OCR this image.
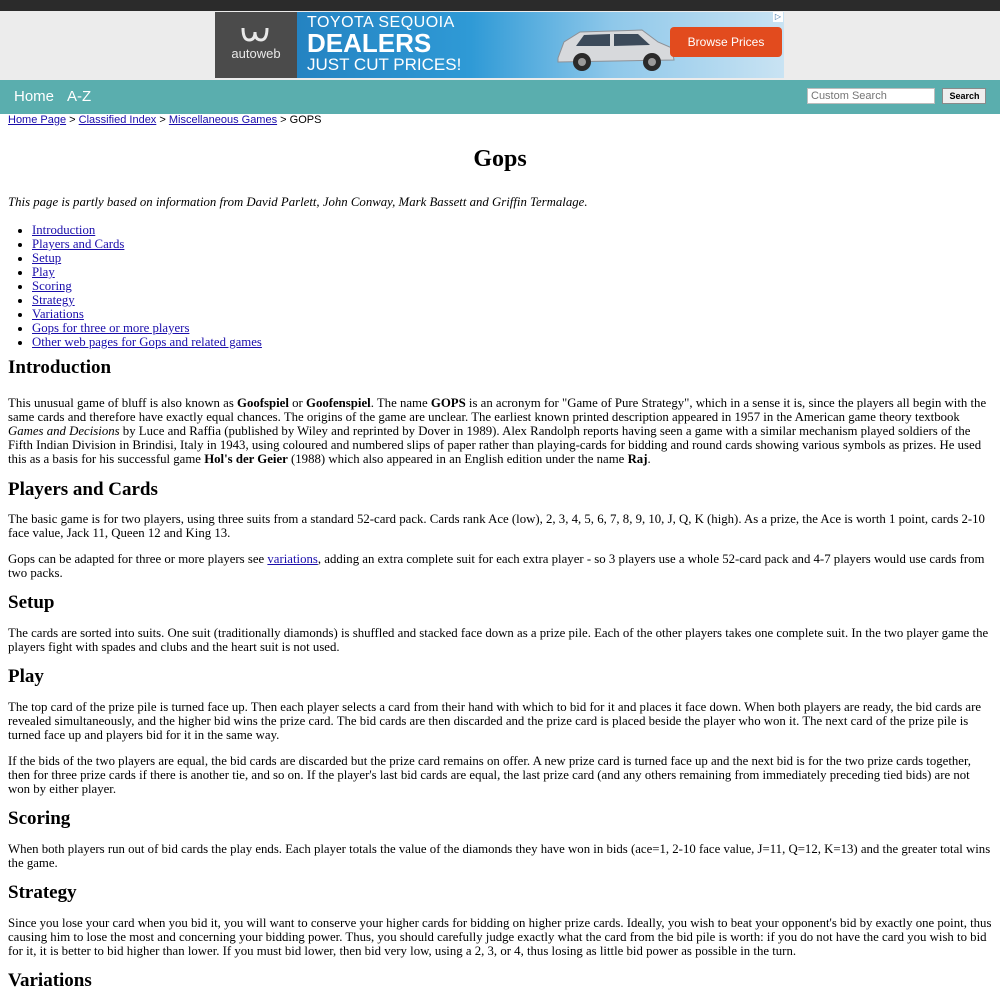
autoweb
TOYOTA SEQUOIA
DEALERS
JUST CUT PRICES!
Browse Prices
▷
Home A-Z
Custom Search	Search
Home Page > Classified Index > Miscellaneous Games > GOPS
Gops

This page is partly based on information from David Parlett, John Conway, Mark Bassett and Griffin Termalage.

• Introduction
• Players and Cards
• Setup
• Play
• Scoring
• Strategy
• Variations
• Gops for three or more players
• Other web pages for Gops and related games
Introduction

This unusual game of bluff is also known as Goofspiel or Goofenspiel. The name GOPS is an acronym for "Game of Pure Strategy", which in a sense it is, since the players all begin with the same cards and therefore have exactly equal chances. The origins of the game are unclear. The earliest known printed description appeared in 1957 in the American game theory textbook Games and Decisions by Luce and Raffia (published by Wiley and reprinted by Dover in 1989). Alex Randolph reports having seen a game with a similar mechanism played soldiers of the Fifth Indian Division in Brindisi, Italy in 1943, using coloured and numbered slips of paper rather than playing-cards for bidding and round cards showing various symbols as prizes. He used this as a basis for his successful game Hol's der Geier (1988) which also appeared in an English edition under the name Raj.

Players and Cards

The basic game is for two players, using three suits from a standard 52-card pack. Cards rank Ace (low), 2, 3, 4, 5, 6, 7, 8, 9, 10, J, Q, K (high). As a prize, the Ace is worth 1 point, cards 2-10 face value, Jack 11, Queen 12 and King 13.

Gops can be adapted for three or more players see variations, adding an extra complete suit for each extra player - so 3 players use a whole 52-card pack and 4-7 players would use cards from two packs.

Setup

The cards are sorted into suits. One suit (traditionally diamonds) is shuffled and stacked face down as a prize pile. Each of the other players takes one complete suit. In the two player game the players fight with spades and clubs and the heart suit is not used.

Play

The top card of the prize pile is turned face up. Then each player selects a card from their hand with which to bid for it and places it face down. When both players are ready, the bid cards are revealed simultaneously, and the higher bid wins the prize card. The bid cards are then discarded and the prize card is placed beside the player who won it. The next card of the prize pile is turned face up and players bid for it in the same way.

If the bids of the two players are equal, the bid cards are discarded but the prize card remains on offer. A new prize card is turned face up and the next bid is for the two prize cards together, then for three prize cards if there is another tie, and so on. If the player's last bid cards are equal, the last prize card (and any others remaining from immediately preceding tied bids) are not won by either player.

Scoring

When both players run out of bid cards the play ends. Each player totals the value of the diamonds they have won in bids (ace=1, 2-10 face value, J=11, Q=12, K=13) and the greater total wins the game.

Strategy

Since you lose your card when you bid it, you will want to conserve your higher cards for bidding on higher prize cards. Ideally, you wish to beat your opponent's bid by exactly one point, thus causing him to lose the most and concerning your bidding power. Thus, you should carefully judge exactly what the card from the bid pile is worth: if you do not have the card you wish to bid for it, it is better to bid higher than lower. If you must bid lower, then bid very low, using a 2, 3, or 4, thus losing as little bid power as possible in the turn.

Variations
